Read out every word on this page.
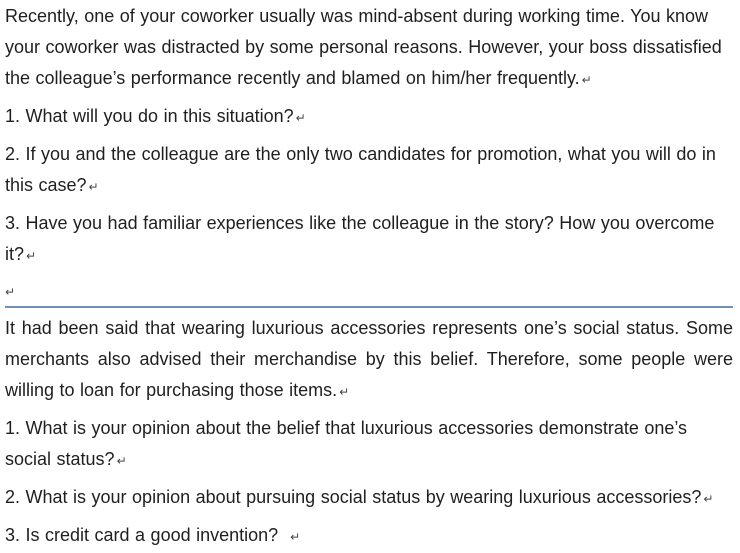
Recently, one of your coworker usually was mind-absent during working time. You know your coworker was distracted by some personal reasons. However, your boss dissatisfied the colleague’s performance recently and blamed on him/her frequently. ↵

1. What will you do in this situation? ↵

2. If you and the colleague are the only two candidates for promotion, what you will do in this case? ↵

3. Have you had familiar experiences like the colleague in the story? How you overcome it? ↵

↵

It had been said that wearing luxurious accessories represents one’s social status. Some merchants also advised their merchandise by this belief. Therefore, some people were willing to loan for purchasing those items. ↵

1. What is your opinion about the belief that luxurious accessories demonstrate one’s social status? ↵

2. What is your opinion about pursuing social status by wearing luxurious accessories? ↵

3. Is credit card a good invention? ↵
